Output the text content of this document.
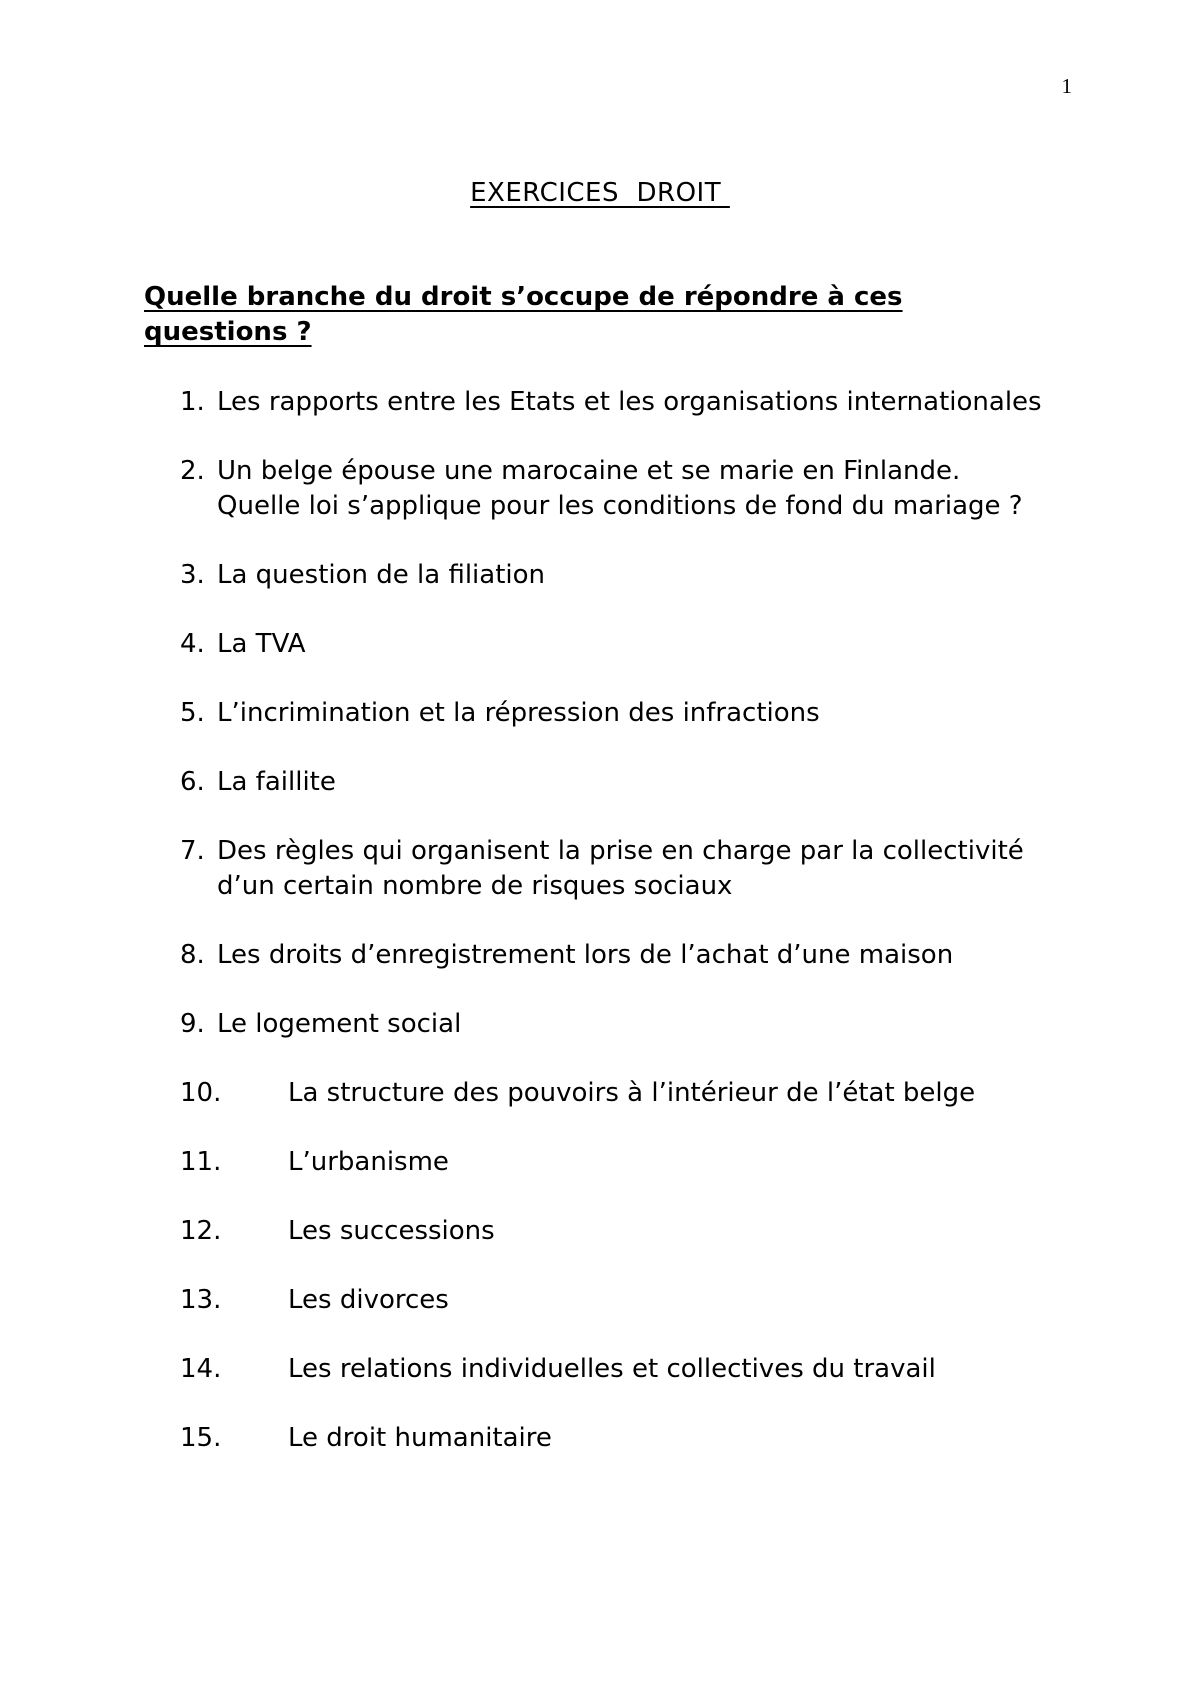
1
EXERCICES  DROIT
Quelle branche du droit s’occupe de répondre à ces questions ?
1. Les rapports entre les Etats et les organisations internationales
2. Un belge épouse une marocaine et se marie en Finlande. Quelle loi s’applique pour les conditions de fond du mariage ?
3. La question de la filiation
4. La TVA
5. L’incrimination et la répression des infractions
6. La faillite
7. Des règles qui organisent la prise en charge par la collectivité d’un certain nombre de risques sociaux
8. Les droits d’enregistrement lors de l’achat d’une maison
9. Le logement social
10.	La structure des pouvoirs à l’intérieur de l’état belge
11.	L’urbanisme
12.	Les successions
13.	Les divorces
14.	Les relations individuelles et collectives du travail
15.	Le droit humanitaire
